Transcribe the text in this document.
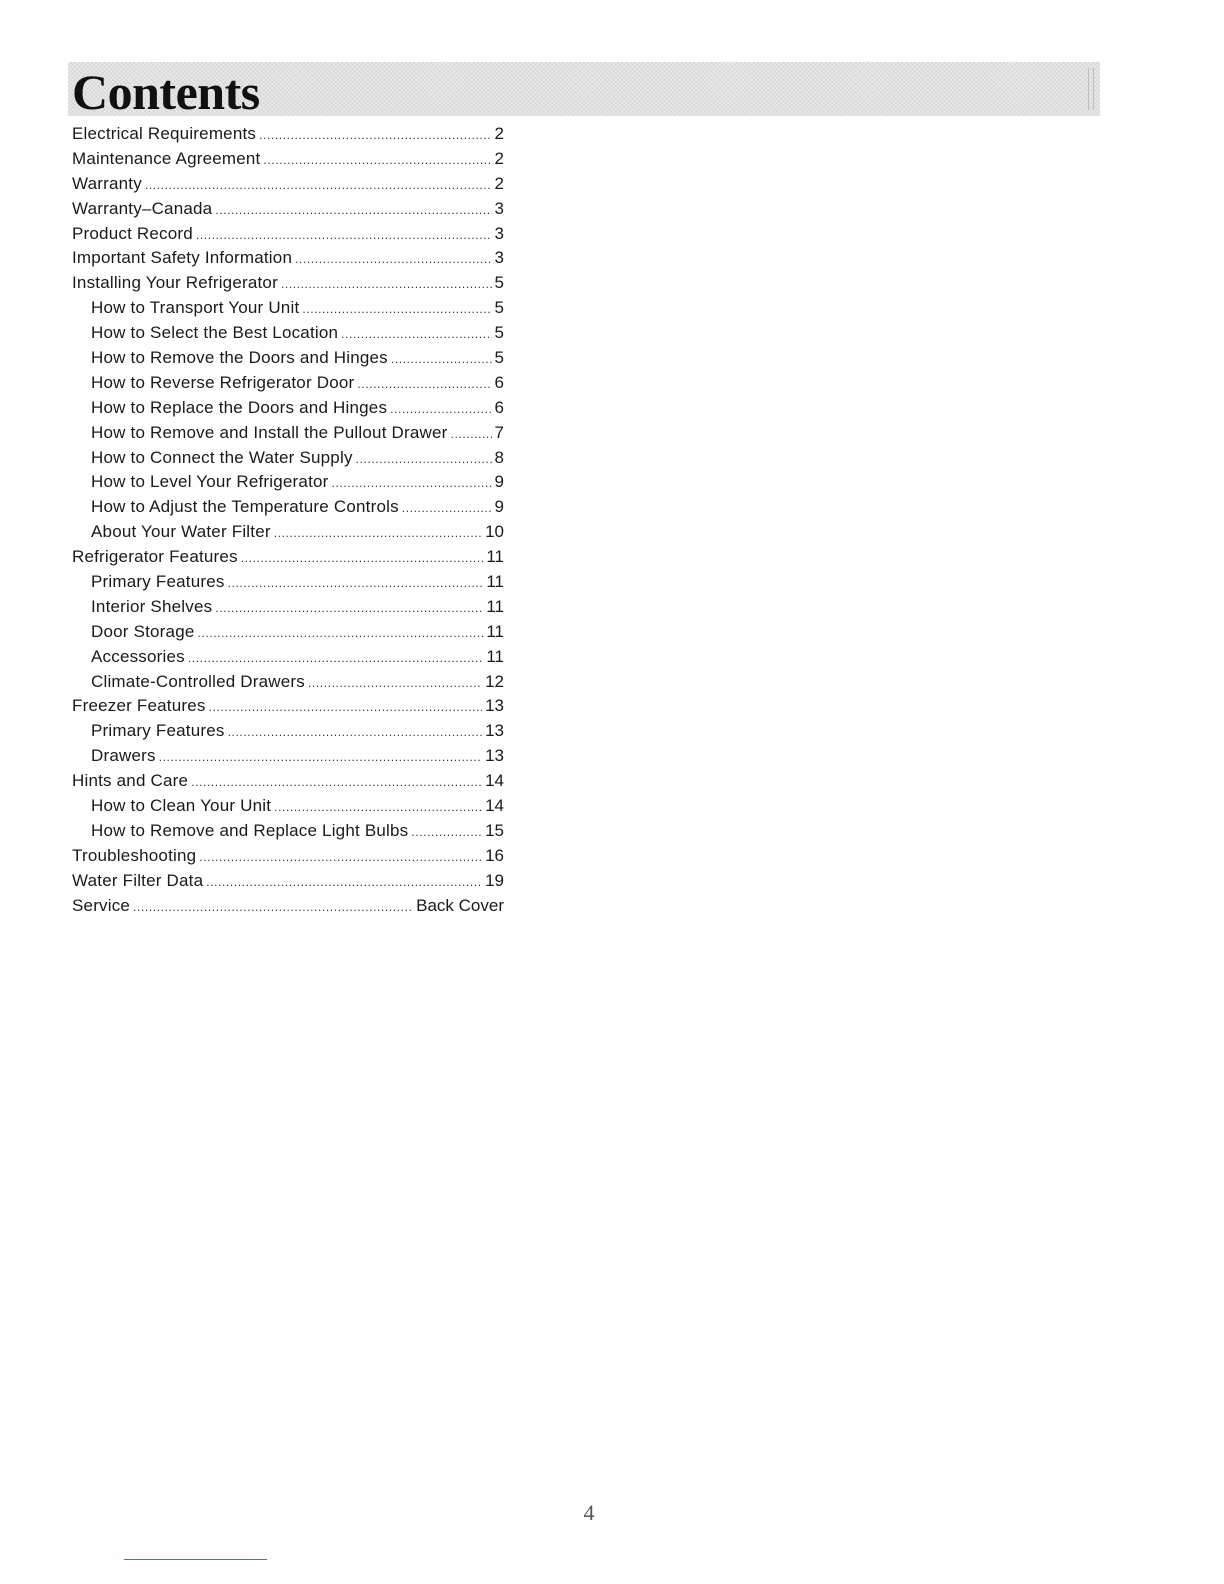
Contents
Electrical Requirements .....	2
Maintenance Agreement .....	2
Warranty .....	2
Warranty–Canada .....	3
Product Record .....	3
Important Safety Information .....	3
Installing Your Refrigerator .....	5
How to Transport Your Unit .....	5
How to Select the Best Location .....	5
How to Remove the Doors and Hinges .....	5
How to Reverse Refrigerator Door .....	6
How to Replace the Doors and Hinges .....	6
How to Remove and Install the Pullout Drawer .....	7
How to Connect the Water Supply .....	8
How to Level Your Refrigerator .....	9
How to Adjust the Temperature Controls .....	9
About Your Water Filter .....	10
Refrigerator Features .....	11
Primary Features .....	11
Interior Shelves .....	11
Door Storage .....	11
Accessories .....	11
Climate-Controlled Drawers .....	12
Freezer Features .....	13
Primary Features .....	13
Drawers .....	13
Hints and Care .....	14
How to Clean Your Unit .....	14
How to Remove and Replace Light Bulbs .....	15
Troubleshooting .....	16
Water Filter Data .....	19
Service .....	Back Cover
4
